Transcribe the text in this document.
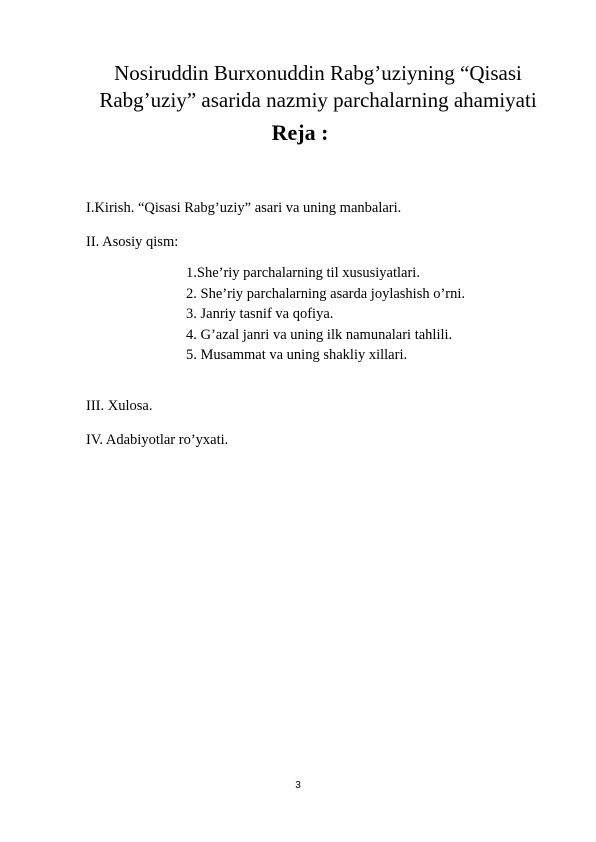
Nosiruddin Burxonuddin Rabg’uziyning “Qisasi
Rabg’uziy” asarida nazmiy parchalarning ahamiyati
Reja :
I.Kirish. “Qisasi Rabg’uziy” asari va uning manbalari.
II. Asosiy qism:
1.She’riy parchalarning til xususiyatlari.
2. She’riy parchalarning asarda joylashish o’rni.
3. Janriy tasnif va qofiya.
4. G’azal janri va uning ilk namunalari tahlili.
5. Musammat va uning shakliy xillari.
III. Xulosa.
IV. Adabiyotlar ro’yxati.
3
